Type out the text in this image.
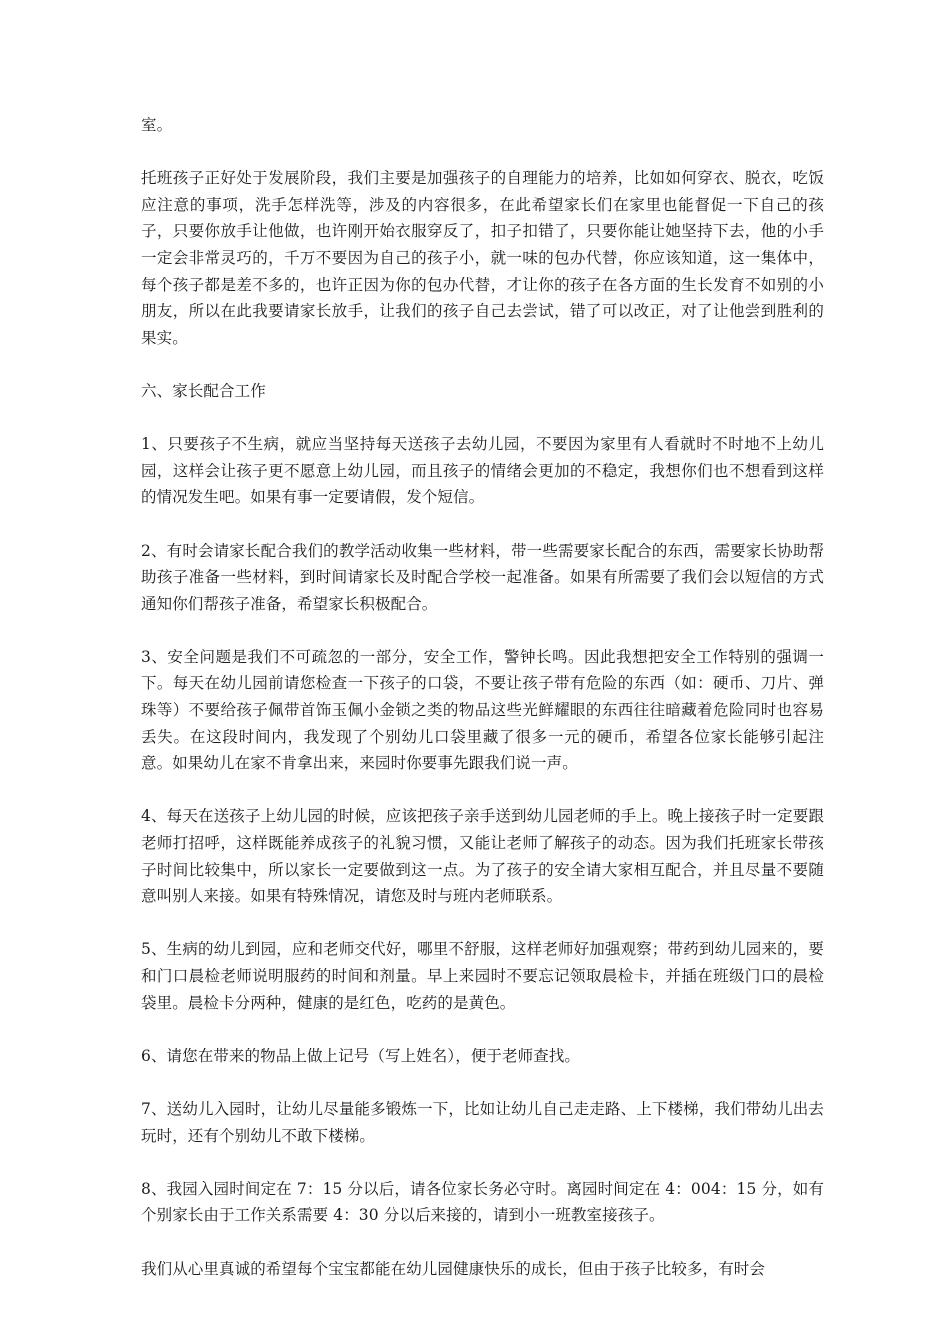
室。

托班孩子正好处于发展阶段，我们主要是加强孩子的自理能力的培养，比如如何穿衣、脱衣，吃饭应注意的事项，洗手怎样洗等，涉及的内容很多，在此希望家长们在家里也能督促一下自己的孩子，只要你放手让他做，也许刚开始衣服穿反了，扣子扣错了，只要你能让她坚持下去，他的小手一定会非常灵巧的，千万不要因为自己的孩子小，就一味的包办代替，你应该知道，这一集体中，每个孩子都是差不多的，也许正因为你的包办代替，才让你的孩子在各方面的生长发育不如别的小朋友，所以在此我要请家长放手，让我们的孩子自己去尝试，错了可以改正，对了让他尝到胜利的果实。

六、家长配合工作

1、只要孩子不生病，就应当坚持每天送孩子去幼儿园，不要因为家里有人看就时不时地不上幼儿园，这样会让孩子更不愿意上幼儿园，而且孩子的情绪会更加的不稳定，我想你们也不想看到这样的情况发生吧。如果有事一定要请假，发个短信。

2、有时会请家长配合我们的教学活动收集一些材料，带一些需要家长配合的东西，需要家长协助帮助孩子准备一些材料，到时间请家长及时配合学校一起准备。如果有所需要了我们会以短信的方式通知你们帮孩子准备，希望家长积极配合。

3、安全问题是我们不可疏忽的一部分，安全工作，警钟长鸣。因此我想把安全工作特别的强调一下。每天在幼儿园前请您检查一下孩子的口袋，不要让孩子带有危险的东西（如：硬币、刀片、弹珠等）不要给孩子佩带首饰玉佩小金锁之类的物品这些光鲜耀眼的东西往往暗藏着危险同时也容易丢失。在这段时间内，我发现了个别幼儿口袋里藏了很多一元的硬币，希望各位家长能够引起注意。如果幼儿在家不肯拿出来，来园时你要事先跟我们说一声。

4、每天在送孩子上幼儿园的时候，应该把孩子亲手送到幼儿园老师的手上。晚上接孩子时一定要跟老师打招呼，这样既能养成孩子的礼貌习惯，又能让老师了解孩子的动态。因为我们托班家长带孩子时间比较集中，所以家长一定要做到这一点。为了孩子的安全请大家相互配合，并且尽量不要随意叫别人来接。如果有特殊情况，请您及时与班内老师联系。

5、生病的幼儿到园，应和老师交代好，哪里不舒服，这样老师好加强观察；带药到幼儿园来的，要和门口晨检老师说明服药的时间和剂量。早上来园时不要忘记领取晨检卡，并插在班级门口的晨检袋里。晨检卡分两种，健康的是红色，吃药的是黄色。

6、请您在带来的物品上做上记号（写上姓名），便于老师查找。

7、送幼儿入园时，让幼儿尽量能多锻炼一下，比如让幼儿自己走走路、上下楼梯，我们带幼儿出去玩时，还有个别幼儿不敢下楼梯。

8、我园入园时间定在 7：15 分以后，请各位家长务必守时。离园时间定在 4：004：15 分，如有个别家长由于工作关系需要 4：30 分以后来接的，请到小一班教室接孩子。

我们从心里真诚的希望每个宝宝都能在幼儿园健康快乐的成长，但由于孩子比较多，有时会
